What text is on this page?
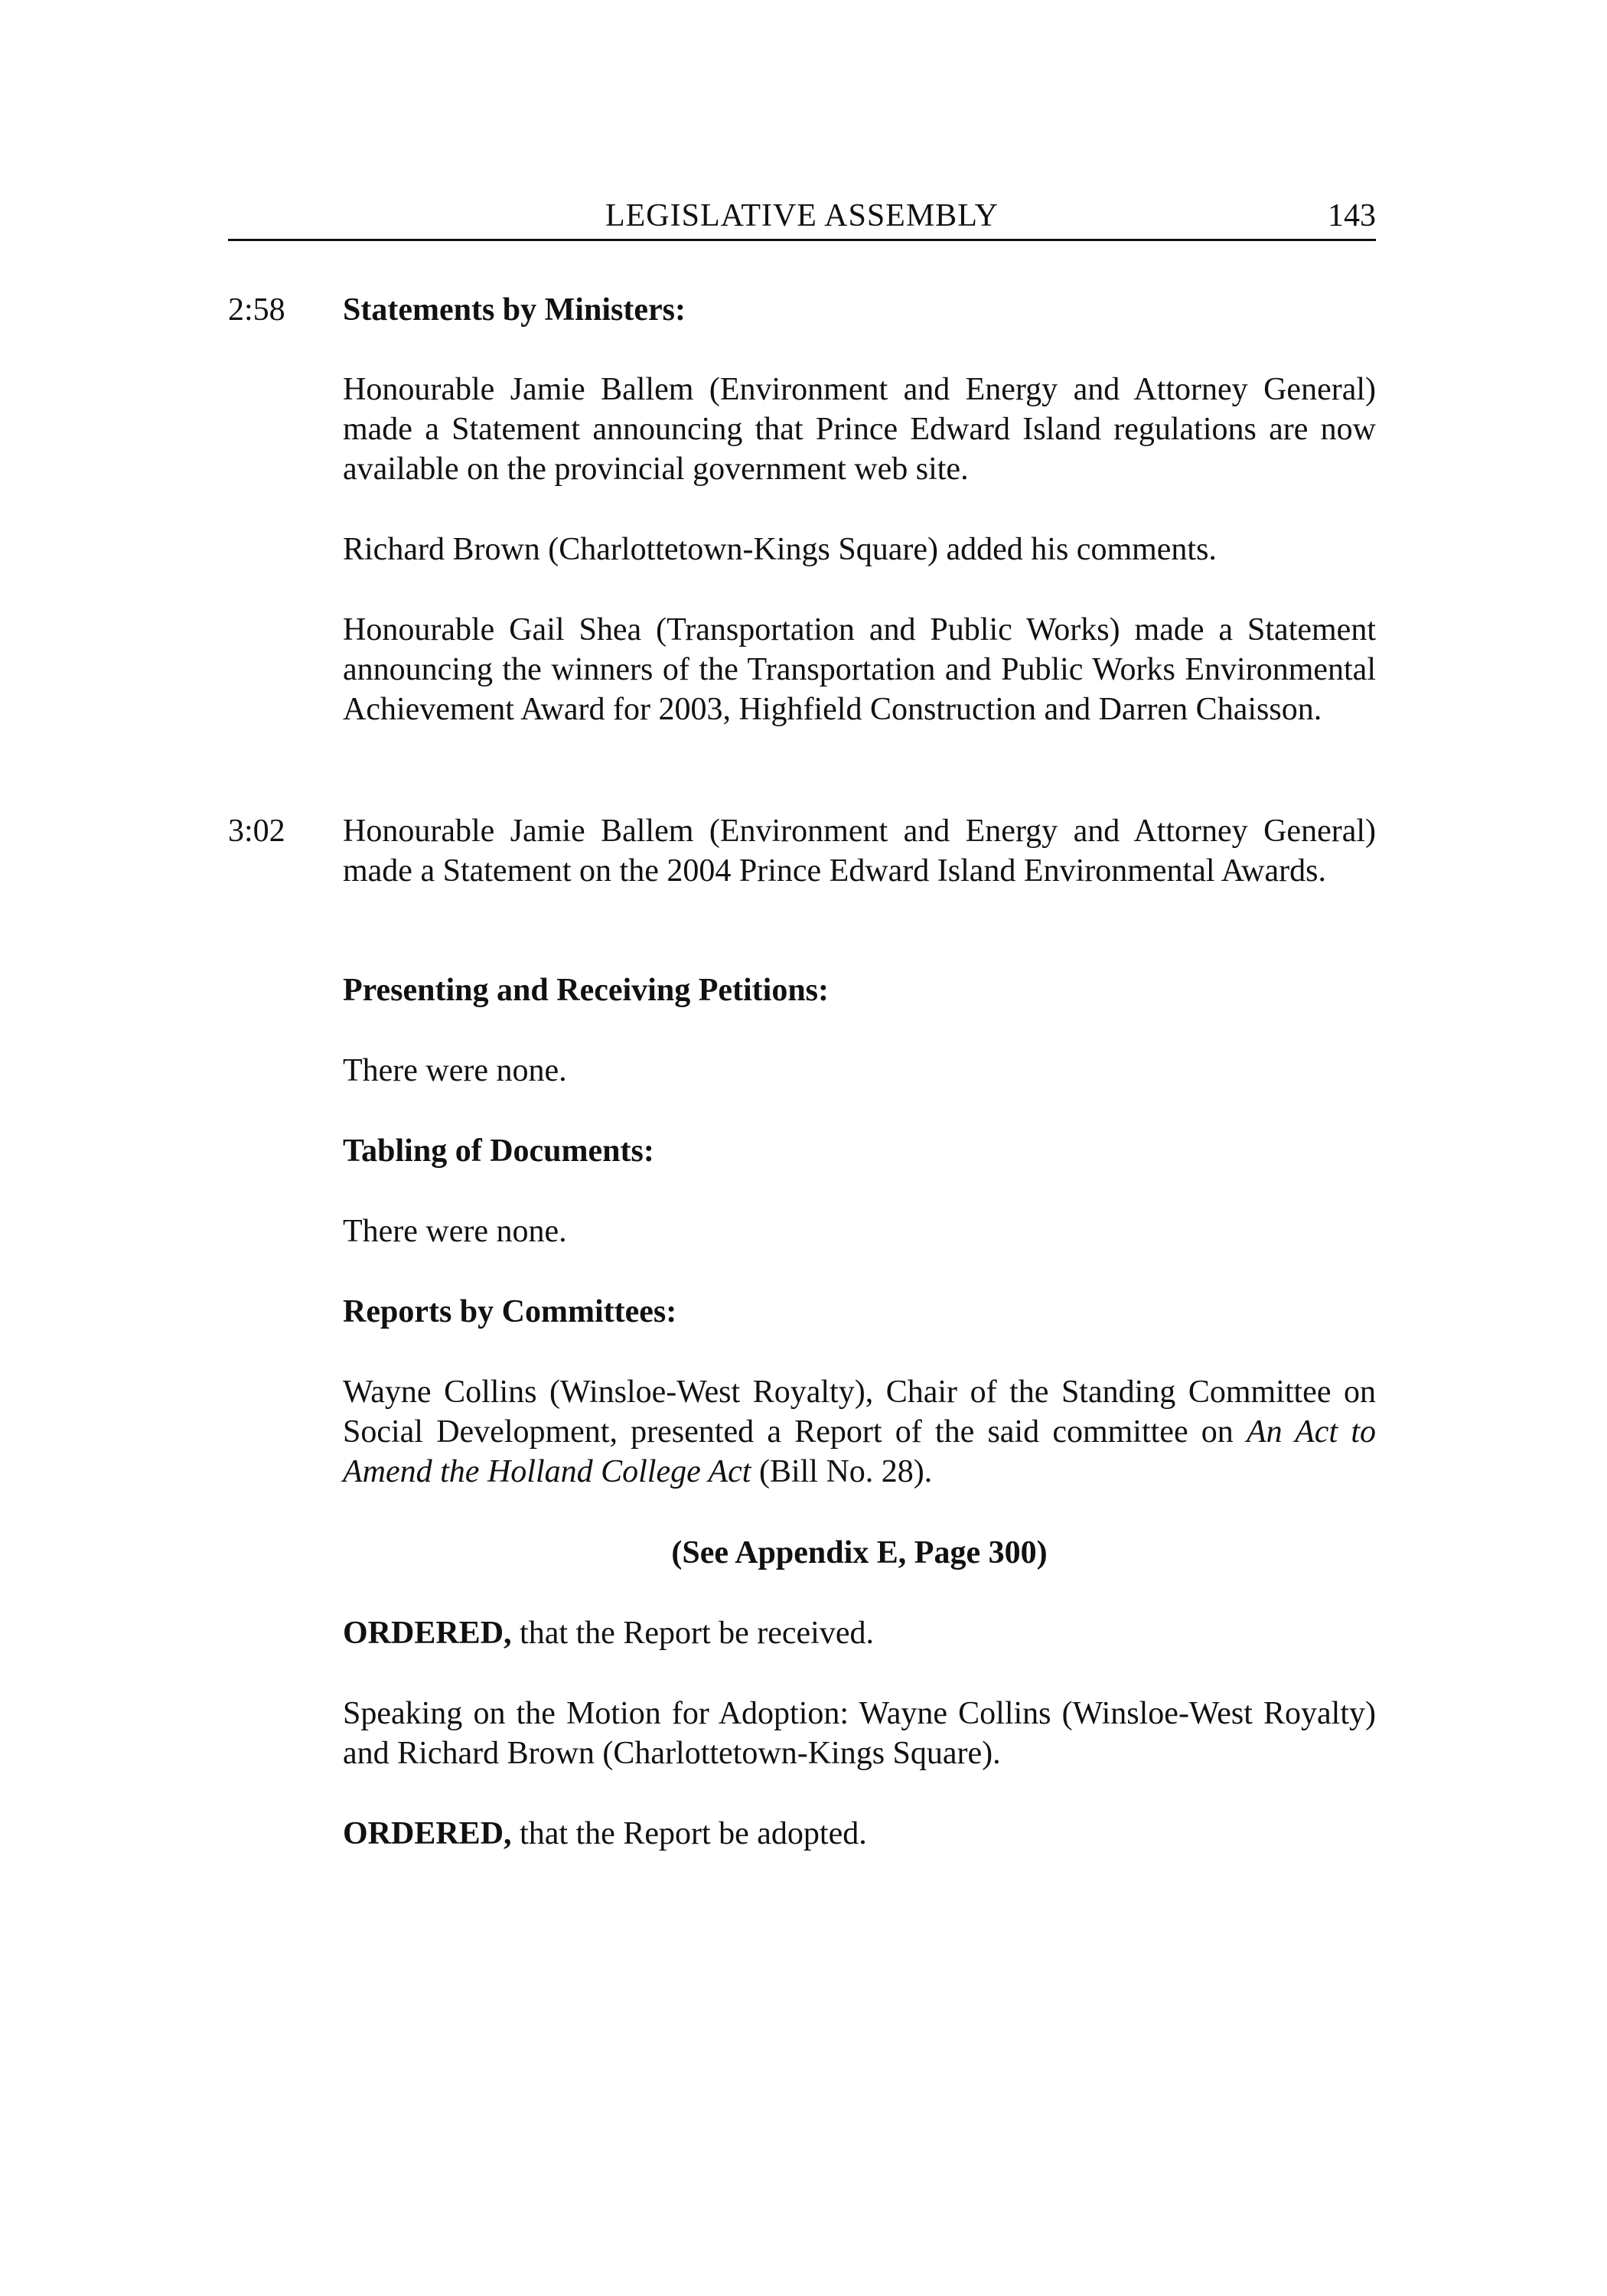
LEGISLATIVE ASSEMBLY	143
2:58 Statements by Ministers:
Honourable Jamie Ballem (Environment and Energy and Attorney General) made a Statement announcing that Prince Edward Island regulations are now available on the provincial government web site.
Richard Brown (Charlottetown-Kings Square) added his comments.
Honourable Gail Shea (Transportation and Public Works) made a Statement announcing the winners of the Transportation and Public Works Environmental Achievement Award for 2003, Highfield Construction and Darren Chaisson.
3:02 Honourable Jamie Ballem (Environment and Energy and Attorney General) made a Statement on the 2004 Prince Edward Island Environmental Awards.
Presenting and Receiving Petitions:
There were none.
Tabling of Documents:
There were none.
Reports by Committees:
Wayne Collins (Winsloe-West Royalty), Chair of the Standing Committee on Social Development, presented a Report of the said committee on An Act to Amend the Holland College Act (Bill No. 28).
(See Appendix E, Page 300)
ORDERED, that the Report be received.
Speaking on the Motion for Adoption: Wayne Collins (Winsloe-West Royalty) and Richard Brown (Charlottetown-Kings Square).
ORDERED, that the Report be adopted.
